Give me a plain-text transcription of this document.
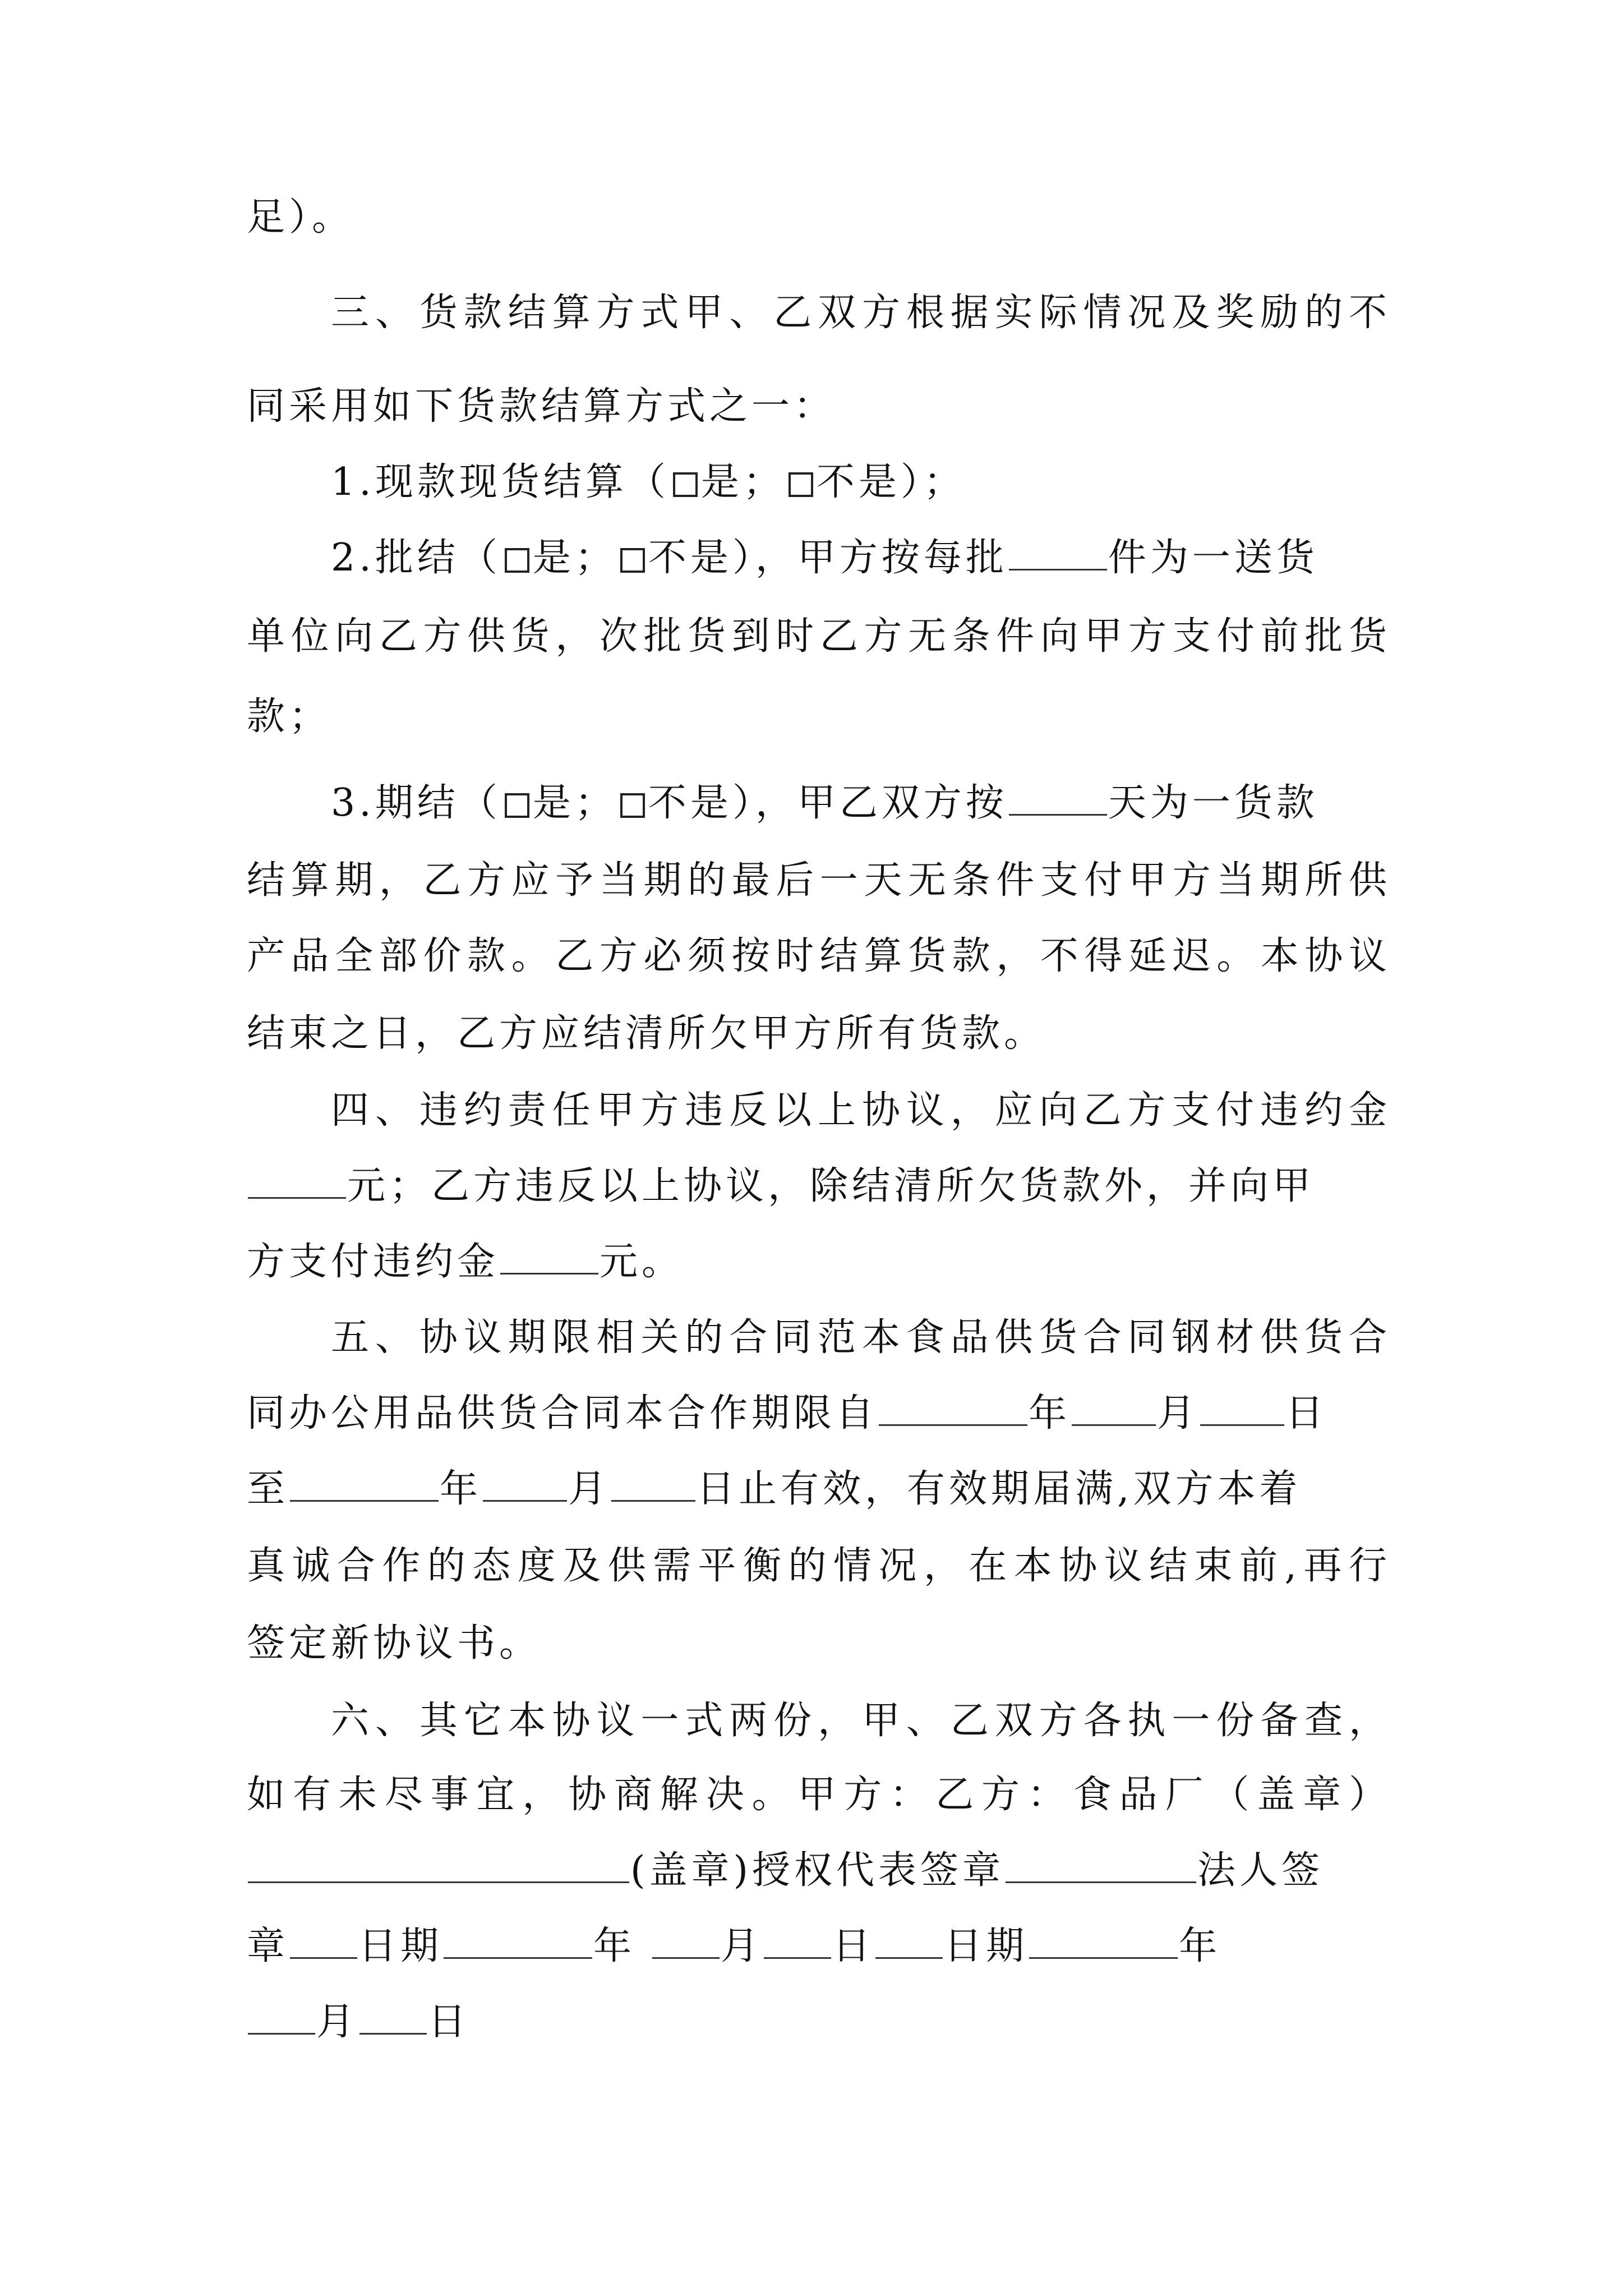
足）。
三、货款结算方式甲、乙双方根据实际情况及奖励的不
同采用如下货款结算方式之一：
1.现款现货结算（ 是； 不是）；
2.批结（ 是； 不是），甲方按每批	件为一送货
单位向乙方供货，次批货到时乙方无条件向甲方支付前批货
款；
3.期结（ 是； 不是），甲乙双方按	天为一货款
结算期，乙方应予当期的最后一天无条件支付甲方当期所供
产品全部价款。乙方必须按时结算货款，不得延迟。本协议
结束之日，乙方应结清所欠甲方所有货款。
四、违约责任甲方违反以上协议，应向乙方支付违约金
元；乙方违反以上协议，除结清所欠货款外，并向甲
方支付违约金	元。
五、协议期限相关的合同范本食品供货合同钢材供货合
同办公用品供货合同本合作期限自	年 月 日
至	年 月 日止有效，有效期届满,双方本着
真诚合作的态度及供需平衡的情况，在本协议结束前,再行
签定新协议书。
六、其它本协议一式两份，甲、乙双方各执一份备查，
如有未尽事宜，协商解决。甲方：乙方：食品厂（盖章）
(盖章)授权代表签章	法人签
章 日期	年 月 日 日期	年
月 日
